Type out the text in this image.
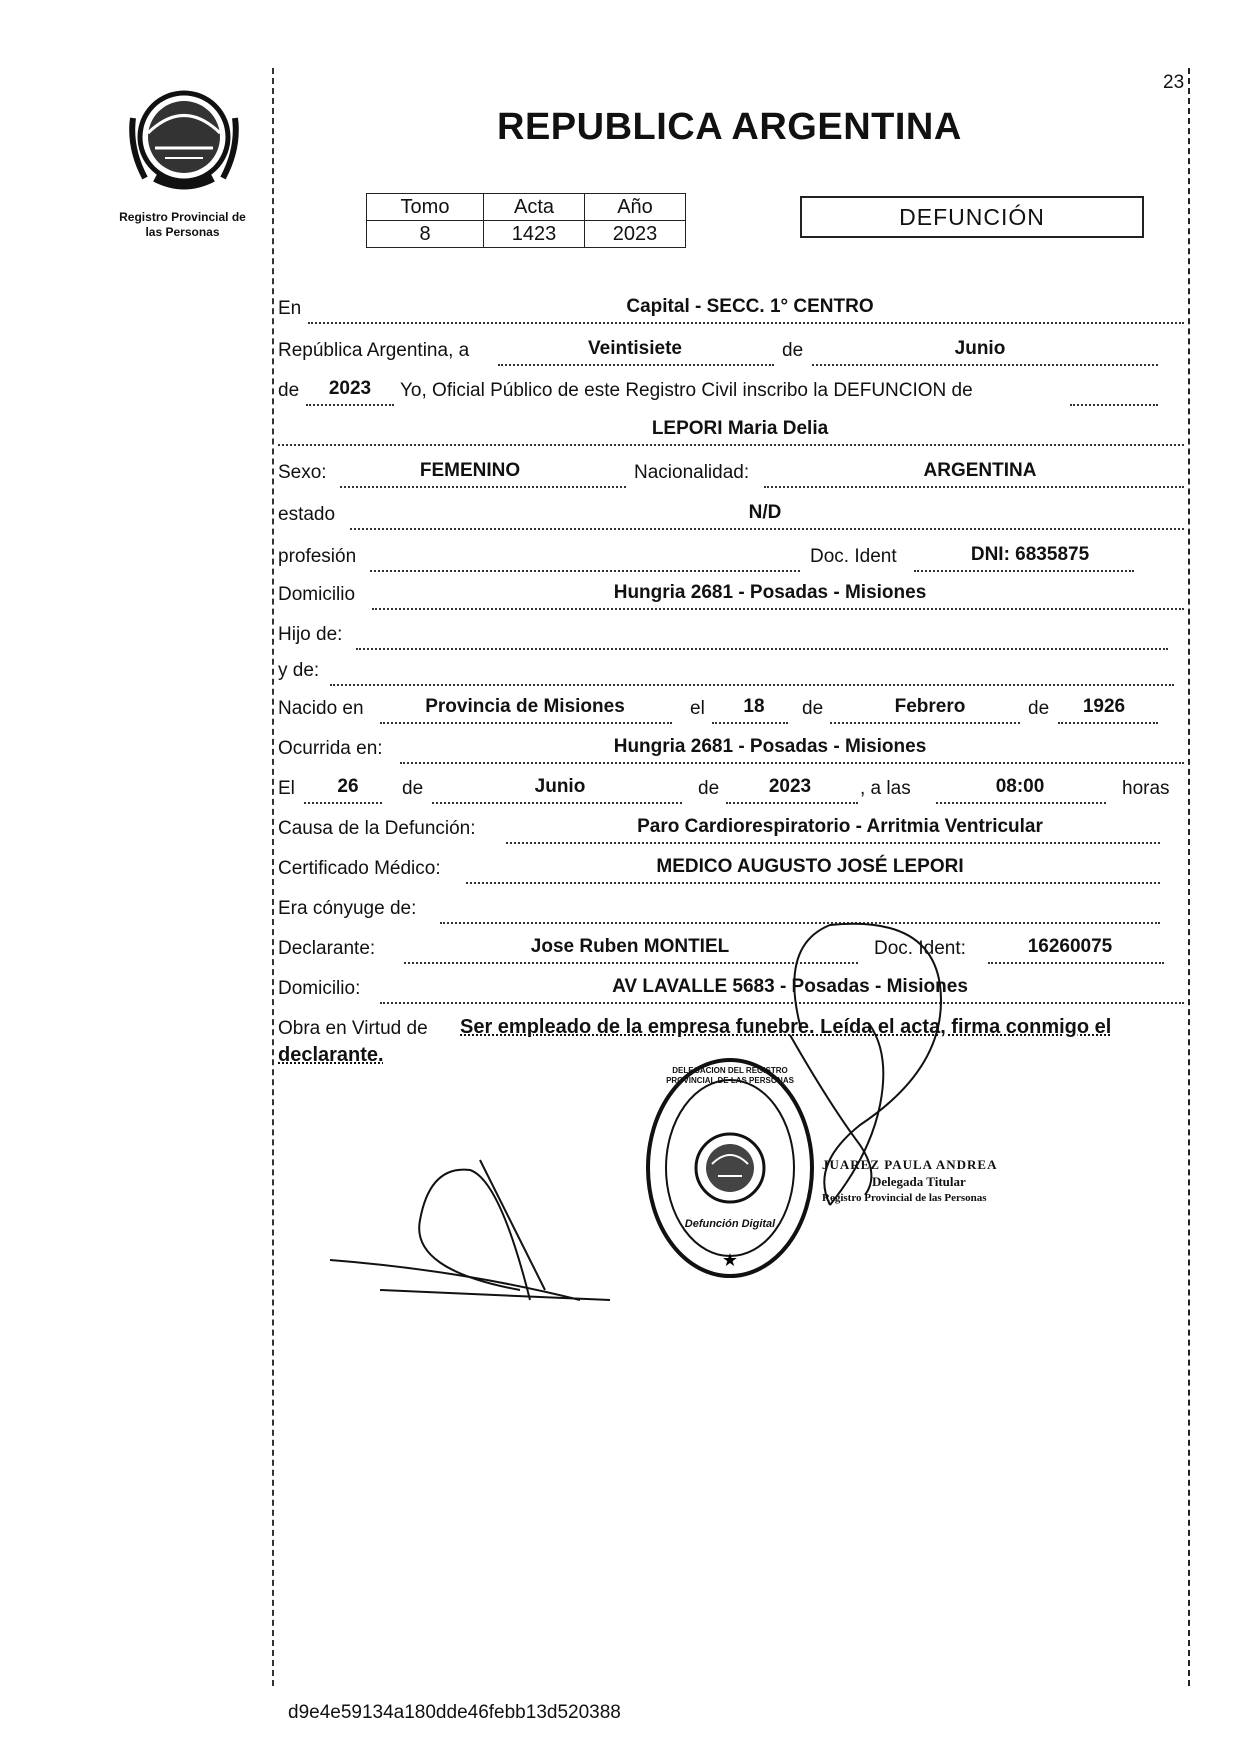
23
Registro Provincial de
las Personas
REPUBLICA ARGENTINA
Tomo	Acta	Año
8	1423	2023
DEFUNCIÓN
En	Capital - SECC. 1° CENTRO
República Argentina, a	Veintisiete	de	Junio
de	2023	Yo, Oficial Público de este Registro Civil inscribo la DEFUNCION de
LEPORI Maria Delia
Sexo:	FEMENINO	Nacionalidad:	ARGENTINA
estado	N/D
profesión	Doc. Ident	DNI: 6835875
Domicilio	Hungria 2681 - Posadas - Misiones
Hijo de:
y de:
Nacido en	Provincia de Misiones	el	18	de	Febrero	de	1926
Ocurrida en:	Hungria 2681 - Posadas - Misiones
El	26	de	Junio	de	2023	, a las	08:00	horas
Causa de la Defunción:	Paro Cardiorespiratorio - Arritmia Ventricular
Certificado Médico:	MEDICO AUGUSTO JOSÉ LEPORI
Era cónyuge de:
Declarante:	Jose Ruben MONTIEL	Doc. Ident:	16260075
Domicilio:	AV LAVALLE 5683 - Posadas - Misiones
Obra en Virtud de Ser empleado de la empresa funebre. Leída el acta, firma conmigo el
declarante.
★
DELEGACION DEL REGISTRO PROVINCIAL DE LAS PERSONAS
Defunción Digital
JUAREZ PAULA ANDREA
Delegada Titular
Registro Provincial de las Personas
d9e4e59134a180dde46febb13d520388
